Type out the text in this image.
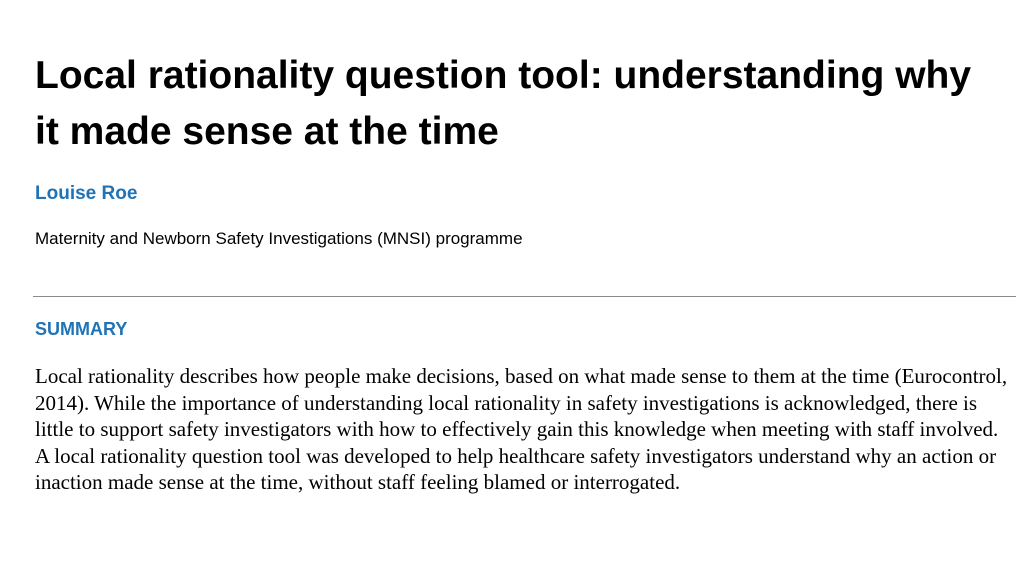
Local rationality question tool: understanding why it made sense at the time
Louise Roe
Maternity and Newborn Safety Investigations (MNSI) programme
SUMMARY

Local rationality describes how people make decisions, based on what made sense to them at the time (Eurocontrol, 2014). While the importance of understanding local rationality in safety investigations is acknowledged, there is little to support safety investigators with how to effectively gain this knowledge when meeting with staff involved. A local rationality question tool was developed to help healthcare safety investigators understand why an action or inaction made sense at the time, without staff feeling blamed or interrogated.
